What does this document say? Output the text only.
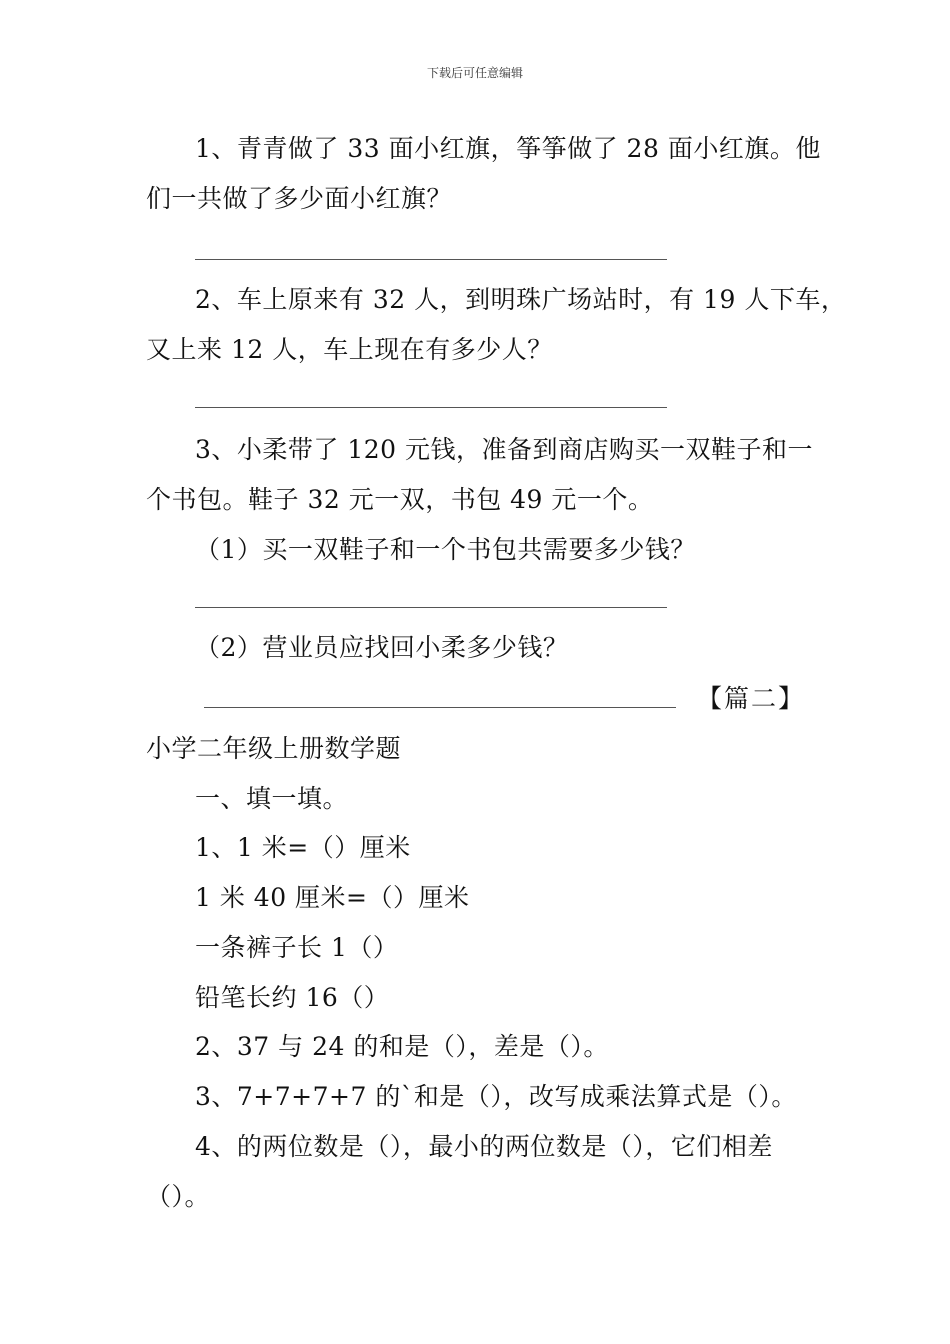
下载后可任意编辑
1、青青做了 33 面小红旗，筝筝做了 28 面小红旗。他
们一共做了多少面小红旗？
2、车上原来有 32 人，到明珠广场站时，有 19 人下车，
又上来 12 人，车上现在有多少人？
3、小柔带了 120 元钱，准备到商店购买一双鞋子和一
个书包。鞋子 32 元一双，书包 49 元一个。
（1）买一双鞋子和一个书包共需要多少钱？
（2）营业员应找回小柔多少钱？
【篇二】
小学二年级上册数学题
一、填一填。
1、1 米=（）厘米
1 米 40 厘米=（）厘米
一条裤子长 1（）
铅笔长约 16（）
2、37 与 24 的和是（），差是（）。
3、7+7+7+7 的`和是（），改写成乘法算式是（）。
4、的两位数是（），最小的两位数是（），它们相差
（）。
